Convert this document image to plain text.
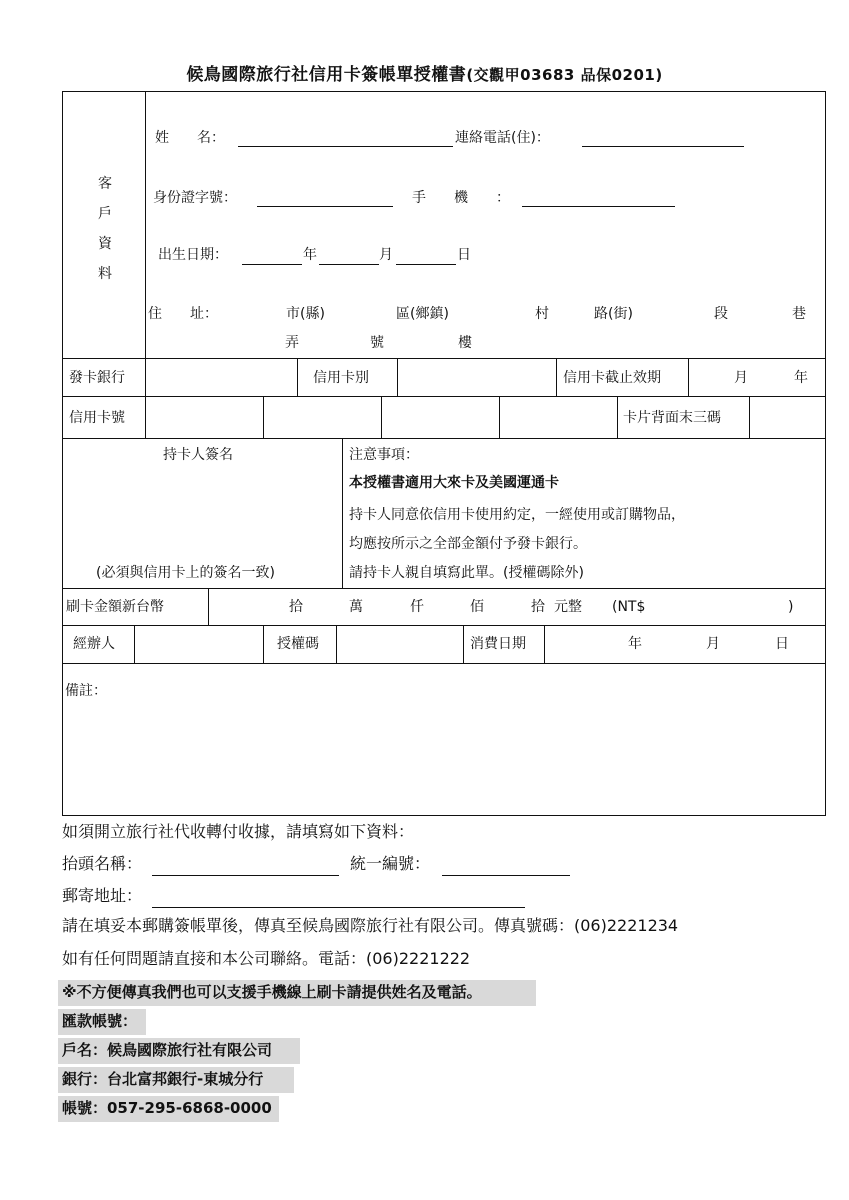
候鳥國際旅行社信用卡簽帳單授權書(交觀甲03683 品保0201)
客
戶
資
料
姓　　名：	連絡電話(住)：
身份證字號：	手　　機　　：
出生日期：	年	月	日
住　　址：	市(縣)	區(鄉鎮)	村	路(街)	段	巷
弄	號	樓
發卡銀行	信用卡別	信用卡截止效期	月	年
信用卡號	卡片背面末三碼
持卡人簽名
(必須與信用卡上的簽名一致)
注意事項：
本授權書適用大來卡及美國運通卡
持卡人同意依信用卡使用約定，一經使用或訂購物品，
均應按所示之全部金額付予發卡銀行。
請持卡人親自填寫此單。(授權碼除外)
刷卡金額新台幣	拾	萬	仟	佰	拾 元整 (NT$	)
經辦人	授權碼	消費日期	年	月	日
備註：
如須開立旅行社代收轉付收據，請填寫如下資料：
抬頭名稱：	統一編號：
郵寄地址：
請在填妥本郵購簽帳單後，傳真至候鳥國際旅行社有限公司。傳真號碼：(06)2221234
如有任何問題請直接和本公司聯絡。電話：(06)2221222
※不方便傳真我們也可以支援手機線上刷卡請提供姓名及電話。
匯款帳號：
戶名：候鳥國際旅行社有限公司
銀行：台北富邦銀行-東城分行
帳號：057-295-6868-0000
